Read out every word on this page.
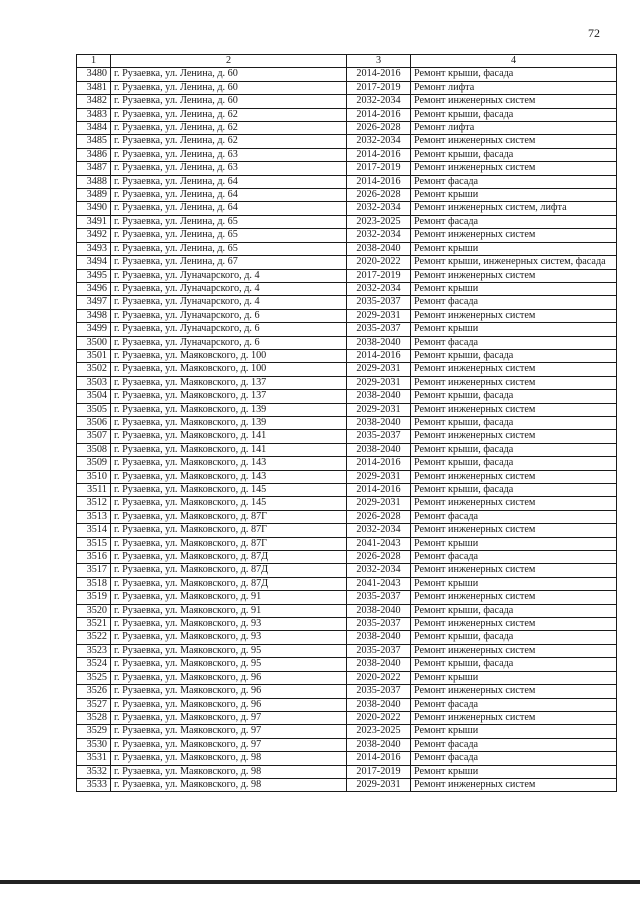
72
1	2	3	4
3480	г. Рузаевка, ул. Ленина, д. 60	2014-2016	Ремонт крыши, фасада
3481	г. Рузаевка, ул. Ленина, д. 60	2017-2019	Ремонт лифта
3482	г. Рузаевка, ул. Ленина, д. 60	2032-2034	Ремонт инженерных систем
3483	г. Рузаевка, ул. Ленина, д. 62	2014-2016	Ремонт крыши, фасада
3484	г. Рузаевка, ул. Ленина, д. 62	2026-2028	Ремонт лифта
3485	г. Рузаевка, ул. Ленина, д. 62	2032-2034	Ремонт инженерных систем
3486	г. Рузаевка, ул. Ленина, д. 63	2014-2016	Ремонт крыши, фасада
3487	г. Рузаевка, ул. Ленина, д. 63	2017-2019	Ремонт инженерных систем
3488	г. Рузаевка, ул. Ленина, д. 64	2014-2016	Ремонт фасада
3489	г. Рузаевка, ул. Ленина, д. 64	2026-2028	Ремонт крыши
3490	г. Рузаевка, ул. Ленина, д. 64	2032-2034	Ремонт инженерных систем, лифта
3491	г. Рузаевка, ул. Ленина, д. 65	2023-2025	Ремонт фасада
3492	г. Рузаевка, ул. Ленина, д. 65	2032-2034	Ремонт инженерных систем
3493	г. Рузаевка, ул. Ленина, д. 65	2038-2040	Ремонт крыши
3494	г. Рузаевка, ул. Ленина, д. 67	2020-2022	Ремонт крыши, инженерных систем, фасада
3495	г. Рузаевка, ул. Луначарского, д. 4	2017-2019	Ремонт инженерных систем
3496	г. Рузаевка, ул. Луначарского, д. 4	2032-2034	Ремонт крыши
3497	г. Рузаевка, ул. Луначарского, д. 4	2035-2037	Ремонт фасада
3498	г. Рузаевка, ул. Луначарского, д. 6	2029-2031	Ремонт инженерных систем
3499	г. Рузаевка, ул. Луначарского, д. 6	2035-2037	Ремонт крыши
3500	г. Рузаевка, ул. Луначарского, д. 6	2038-2040	Ремонт фасада
3501	г. Рузаевка, ул. Маяковского, д. 100	2014-2016	Ремонт крыши, фасада
3502	г. Рузаевка, ул. Маяковского, д. 100	2029-2031	Ремонт инженерных систем
3503	г. Рузаевка, ул. Маяковского, д. 137	2029-2031	Ремонт инженерных систем
3504	г. Рузаевка, ул. Маяковского, д. 137	2038-2040	Ремонт крыши, фасада
3505	г. Рузаевка, ул. Маяковского, д. 139	2029-2031	Ремонт инженерных систем
3506	г. Рузаевка, ул. Маяковского, д. 139	2038-2040	Ремонт крыши, фасада
3507	г. Рузаевка, ул. Маяковского, д. 141	2035-2037	Ремонт инженерных систем
3508	г. Рузаевка, ул. Маяковского, д. 141	2038-2040	Ремонт крыши, фасада
3509	г. Рузаевка, ул. Маяковского, д. 143	2014-2016	Ремонт крыши, фасада
3510	г. Рузаевка, ул. Маяковского, д. 143	2029-2031	Ремонт инженерных систем
3511	г. Рузаевка, ул. Маяковского, д. 145	2014-2016	Ремонт крыши, фасада
3512	г. Рузаевка, ул. Маяковского, д. 145	2029-2031	Ремонт инженерных систем
3513	г. Рузаевка, ул. Маяковского, д. 87Г	2026-2028	Ремонт фасада
3514	г. Рузаевка, ул. Маяковского, д. 87Г	2032-2034	Ремонт инженерных систем
3515	г. Рузаевка, ул. Маяковского, д. 87Г	2041-2043	Ремонт крыши
3516	г. Рузаевка, ул. Маяковского, д. 87Д	2026-2028	Ремонт фасада
3517	г. Рузаевка, ул. Маяковского, д. 87Д	2032-2034	Ремонт инженерных систем
3518	г. Рузаевка, ул. Маяковского, д. 87Д	2041-2043	Ремонт крыши
3519	г. Рузаевка, ул. Маяковского, д. 91	2035-2037	Ремонт инженерных систем
3520	г. Рузаевка, ул. Маяковского, д. 91	2038-2040	Ремонт крыши, фасада
3521	г. Рузаевка, ул. Маяковского, д. 93	2035-2037	Ремонт инженерных систем
3522	г. Рузаевка, ул. Маяковского, д. 93	2038-2040	Ремонт крыши, фасада
3523	г. Рузаевка, ул. Маяковского, д. 95	2035-2037	Ремонт инженерных систем
3524	г. Рузаевка, ул. Маяковского, д. 95	2038-2040	Ремонт крыши, фасада
3525	г. Рузаевка, ул. Маяковского, д. 96	2020-2022	Ремонт крыши
3526	г. Рузаевка, ул. Маяковского, д. 96	2035-2037	Ремонт инженерных систем
3527	г. Рузаевка, ул. Маяковского, д. 96	2038-2040	Ремонт фасада
3528	г. Рузаевка, ул. Маяковского, д. 97	2020-2022	Ремонт инженерных систем
3529	г. Рузаевка, ул. Маяковского, д. 97	2023-2025	Ремонт крыши
3530	г. Рузаевка, ул. Маяковского, д. 97	2038-2040	Ремонт фасада
3531	г. Рузаевка, ул. Маяковского, д. 98	2014-2016	Ремонт фасада
3532	г. Рузаевка, ул. Маяковского, д. 98	2017-2019	Ремонт крыши
3533	г. Рузаевка, ул. Маяковского, д. 98	2029-2031	Ремонт инженерных систем
